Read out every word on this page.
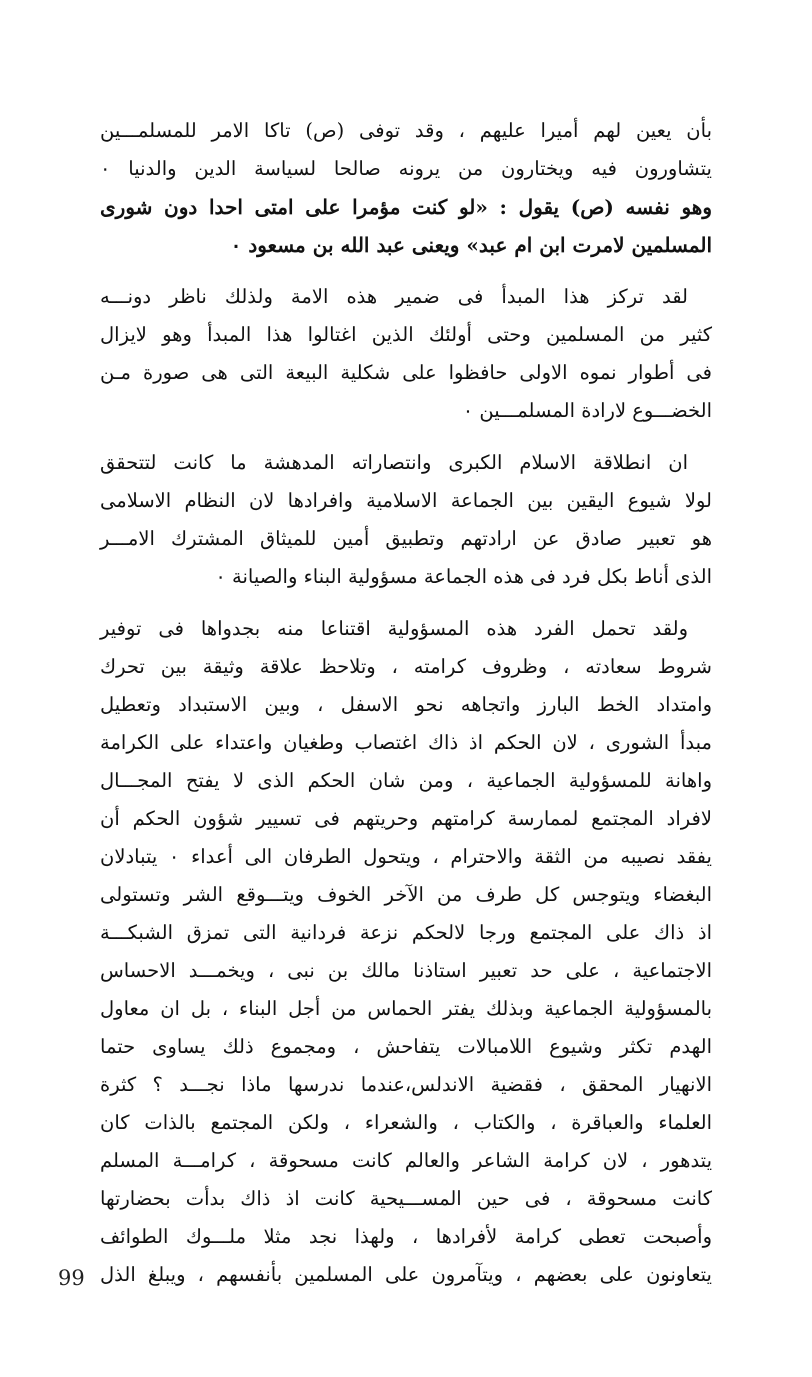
بأن يعين لهم أميرا عليهم ، وقد توفى (ص) تاكا الامر للمسلمـــين
يتشاورون فيه ويختارون من يرونه صالحا لسياسة الدين والدنيا ٠
وهو نفسه (ص) يقول : «لو كنت مؤمرا على امتى احدا دون شورى
المسلمين لامرت ابن ام عبد» ويعنى عبد الله بن مسعود ٠
لقد تركز هذا المبدأ فى ضمير هذه الامة ولذلك ناظر دونـــه
كثير من المسلمين وحتى أولئك الذين اغتالوا هذا المبدأ وهو لايزال
فى أطوار نموه الاولى حافظوا على شكلية البيعة التى هى صورة مـن
الخضـــوع لارادة المسلمـــين ٠
ان انطلاقة الاسلام الكبرى وانتصاراته المدهشة ما كانت لتتحقق
لولا شيوع اليقين بين الجماعة الاسلامية وافرادها لان النظام الاسلامى
هو تعبير صادق عن ارادتهم وتطبيق أمين للميثاق المشترك الامـــر
الذى أناط بكل فرد فى هذه الجماعة مسؤولية البناء والصيانة ٠
ولقد تحمل الفرد هذه المسؤولية اقتناعا منه بجدواها فى توفير
شروط سعادته ، وظروف كرامته ، وتلاحظ علاقة وثيقة بين تحرك
وامتداد الخط البارز واتجاهه نحو الاسفل ، وبين الاستبداد وتعطيل
مبدأ الشورى ، لان الحكم اذ ذاك اغتصاب وطغيان واعتداء على الكرامة
واهانة للمسؤولية الجماعية ، ومن شان الحكم الذى لا يفتح المجـــال
لافراد المجتمع لممارسة كرامتهم وحريتهم فى تسيير شؤون الحكم أن
يفقد نصيبه من الثقة والاحترام ، ويتحول الطرفان الى أعداء ٠ يتبادلان
البغضاء ويتوجس كل طرف من الآخر الخوف ويتـــوقع الشر وتستولى
اذ ذاك على المجتمع ورجا لالحكم نزعة فردانية التى تمزق الشبكـــة
الاجتماعية ، على حد تعبير استاذنا مالك بن نبى ، ويخمـــد الاحساس
بالمسؤولية الجماعية وبذلك يفتر الحماس من أجل البناء ، بل ان معاول
الهدم تكثر وشيوع اللامبالات يتفاحش ، ومجموع ذلك يساوى حتما
الانهيار المحقق ، فقضية الاندلس،عندما ندرسها ماذا نجـــد ؟ كثرة
العلماء والعباقرة ، والكتاب ، والشعراء ، ولكن المجتمع بالذات كان
يتدهور ، لان كرامة الشاعر والعالم كانت مسحوقة ، كرامـــة المسلم
كانت مسحوقة ، فى حين المســـيحية كانت اذ ذاك بدأت بحضارتها
وأصبحت تعطى كرامة لأفرادها ، ولهذا نجد مثلا ملـــوك الطوائف
يتعاونون على بعضهم ، ويتآمرون على المسلمين بأنفسهم ، ويبلغ الذل
99
